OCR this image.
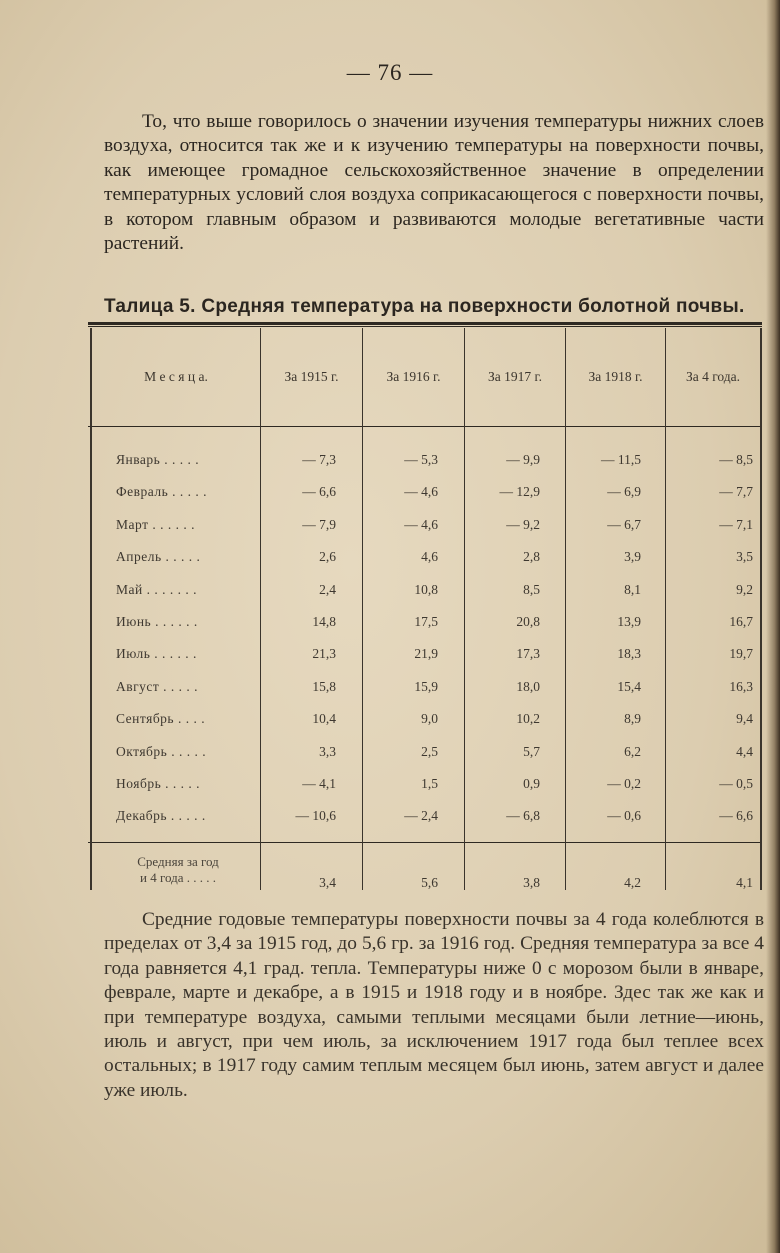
— 76 —

То, что выше говорилось о значении изучения температуры нижних слоев воздуха, относится так же и к изучению температуры на поверхности почвы, как имеющее громадное сельскохозяйственное значение в определении температурных условий слоя воздуха соприкасающегося с поверхности почвы, в котором главным образом и развиваются молодые вегетативные части растений.

Талица 5. Средняя температура на поверхности болотной почвы.
М е с я ц а.	За 1915 г.	За 1916 г.	За 1917 г.	За 1918 г.	За 4 года.
Январь . . . . .	— 7,3	— 5,3	— 9,9	— 11,5	— 8,5
Февраль . . . . .	— 6,6	— 4,6	— 12,9	— 6,9	— 7,7
Март . . . . . .	— 7,9	— 4,6	— 9,2	— 6,7	— 7,1
Апрель . . . . .	2,6	4,6	2,8	3,9	3,5
Май . . . . . . .	2,4	10,8	8,5	8,1	9,2
Июнь . . . . . .	14,8	17,5	20,8	13,9	16,7
Июль . . . . . .	21,3	21,9	17,3	18,3	19,7
Август . . . . .	15,8	15,9	18,0	15,4	16,3
Сентябрь . . . .	10,4	9,0	10,2	8,9	9,4
Октябрь . . . . .	3,3	2,5	5,7	6,2	4,4
Ноябрь . . . . .	— 4,1	1,5	0,9	— 0,2	— 0,5
Декабрь . . . . .	— 10,6	— 2,4	— 6,8	— 0,6	— 6,6
Средняя за год
и 4 года . . . . .	3,4	5,6	3,8	4,2	4,1

Средние годовые температуры поверхности почвы за 4 года колеблются в пределах от 3,4 за 1915 год, до 5,6 гр. за 1916 год. Средняя температура за все 4 года равняется 4,1 град. тепла. Температуры ниже 0 с морозом были в январе, феврале, марте и декабре, а в 1915 и 1918 году и в ноябре. Здес так же как и при температуре воздуха, самыми теплыми месяцами были летние—июнь, июль и август, при чем июль, за исключением 1917 года был теплее всех остальных; в 1917 году самим теплым месяцем был июнь, затем август и далее уже июль.
